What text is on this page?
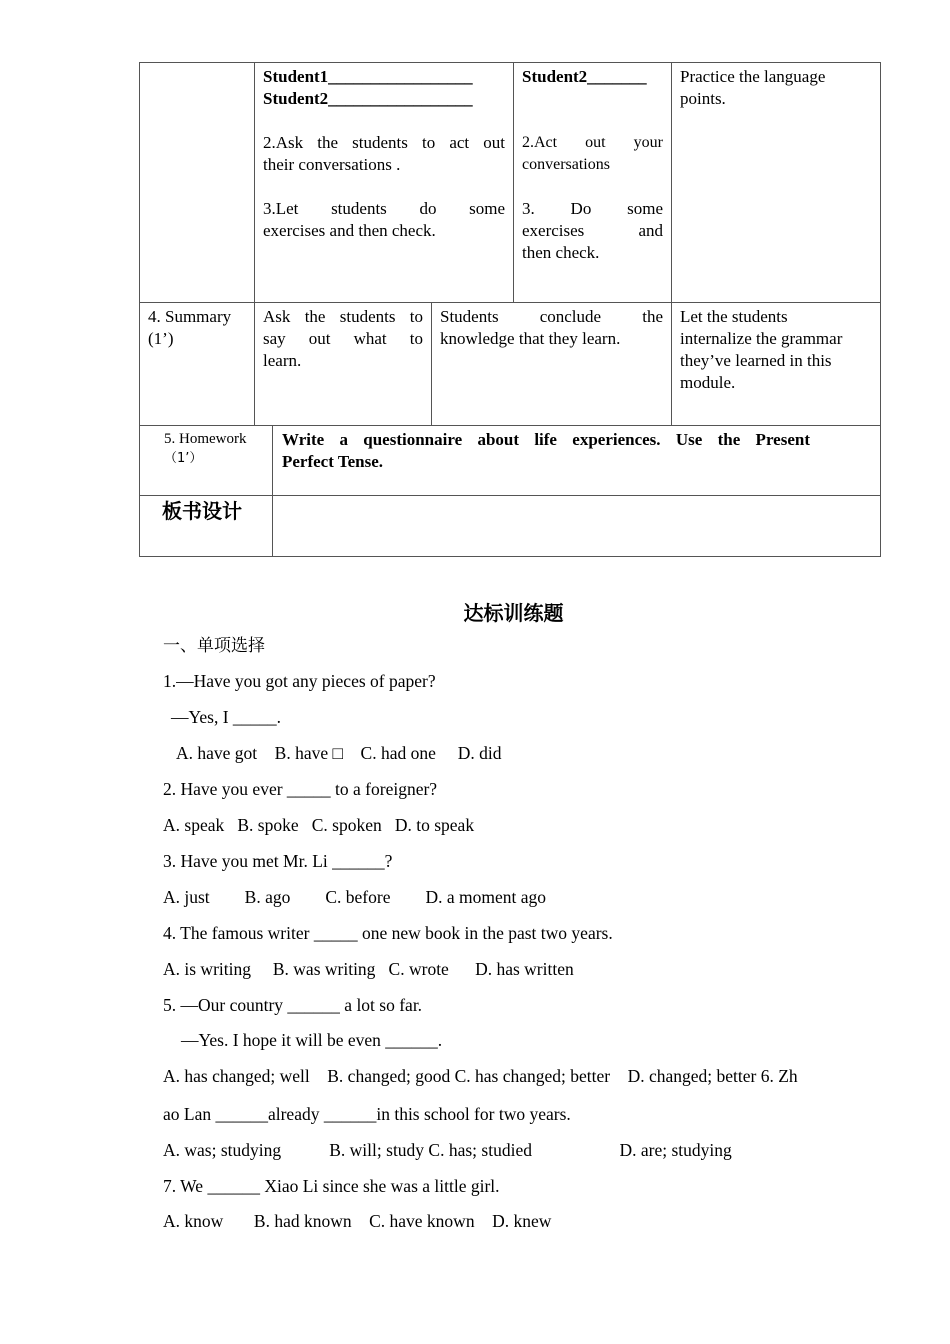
Student1_________________

Student2_________________

2.Ask the students to act out

their conversations .

3.Let students do some

exercises and then check.

Student2_______

2.Act out your

conversations

3. Do some

exercises and

then check.

Practice the language

points.

4. Summary

(1’)

Ask the students to

say out what to

learn.

Students conclude the

knowledge that they learn.

Let the students

internalize the grammar

they’ve learned in this

module.

5. Homework

（1’）

Write a questionnaire about life experiences. Use the Present

Perfect Tense.

板书设计
达标训练题
一、单项选择
1.—Have you got any pieces of paper?
—Yes, I _____.
A. have got    B. have □    C. had one     D. did
2. Have you ever _____ to a foreigner?
A. speak   B. spoke   C. spoken   D. to speak
3. Have you met Mr. Li ______?
A. just        B. ago        C. before        D. a moment ago
4. The famous writer _____ one new book in the past two years.
A. is writing     B. was writing   C. wrote      D. has written
5. —Our country ______ a lot so far.
—Yes. I hope it will be even ______.
A. has changed; well    B. changed; good C. has changed; better    D. changed; better 6. Zh
ao Lan ______already ______in this school for two years.
A. was; studying           B. will; study C. has; studied                    D. are; studying
7. We ______ Xiao Li since she was a little girl.
A. know       B. had known    C. have known    D. knew
